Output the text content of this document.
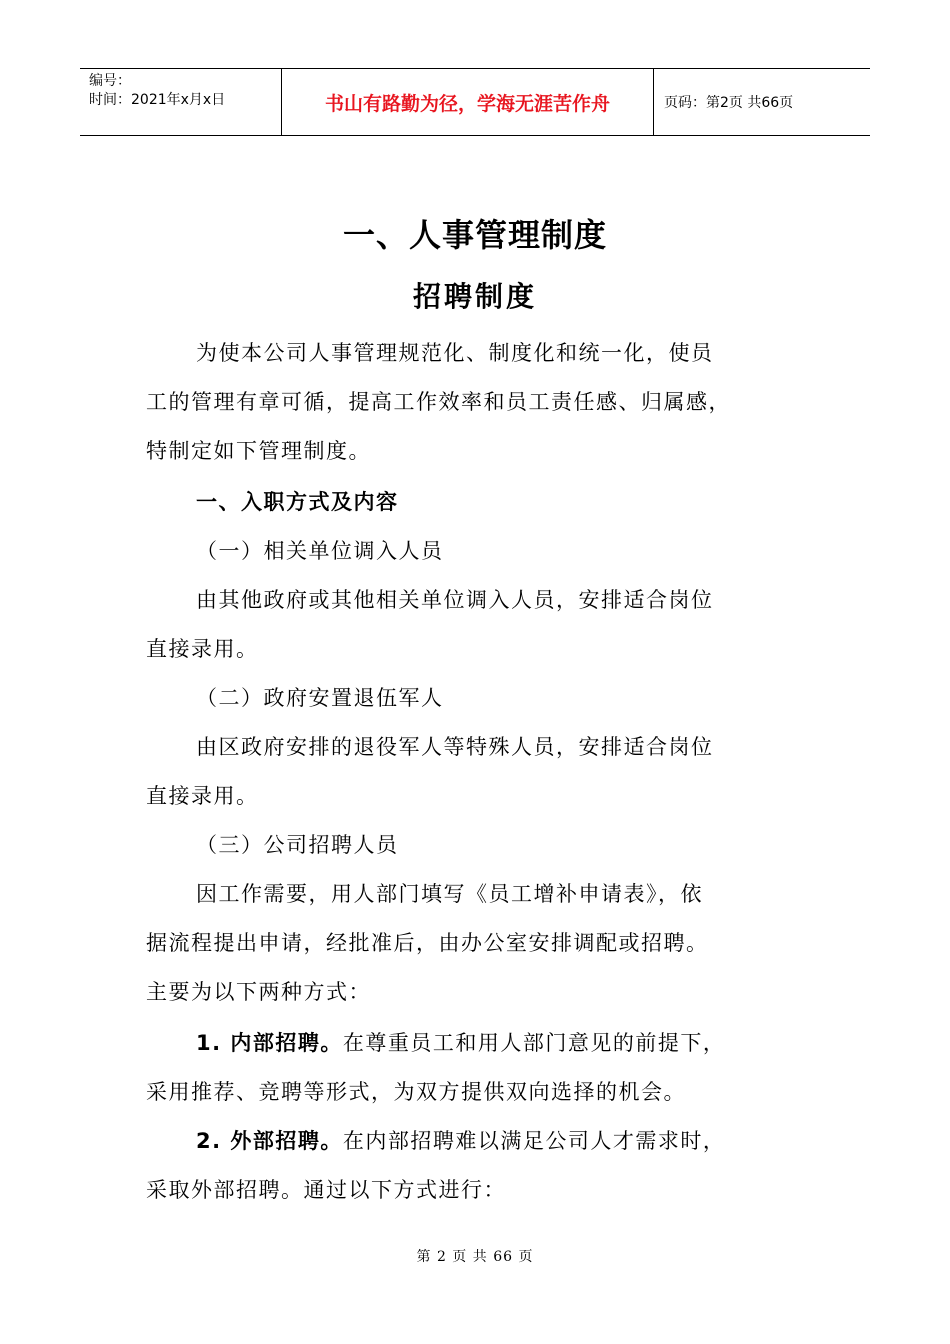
编号：
时间：2021年x月x日	书山有路勤为径，学海无涯苦作舟	页码：第2页 共66页
一、人事管理制度
招聘制度
为使本公司人事管理规范化、制度化和统一化，使员
工的管理有章可循，提高工作效率和员工责任感、归属感，
特制定如下管理制度。
一、入职方式及内容
（一）相关单位调入人员
由其他政府或其他相关单位调入人员，安排适合岗位
直接录用。
（二）政府安置退伍军人
由区政府安排的退役军人等特殊人员，安排适合岗位
直接录用。
（三）公司招聘人员
因工作需要，用人部门填写《员工增补申请表》，依
据流程提出申请，经批准后，由办公室安排调配或招聘。
主要为以下两种方式：
1. 内部招聘。在尊重员工和用人部门意见的前提下，
采用推荐、竞聘等形式，为双方提供双向选择的机会。
2. 外部招聘。在内部招聘难以满足公司人才需求时，
采取外部招聘。通过以下方式进行：
第 2 页 共 66 页
